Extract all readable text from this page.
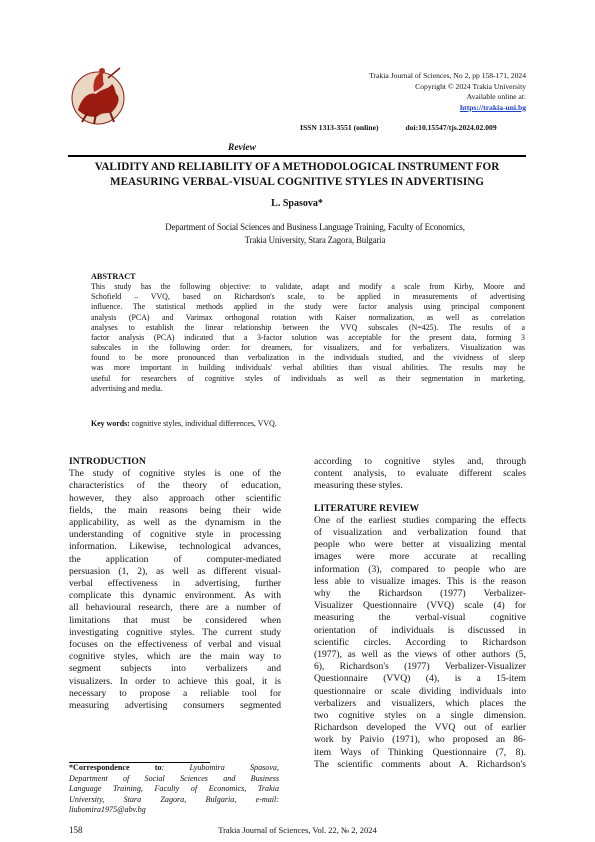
Trakia Journal of Sciences, No 2, pp 158-171, 2024
Copyright © 2024 Trakia University
Available online at:
https://trakia-uni.bg
ISSN 1313-3551 (online)	doi:10.15547/tjs.2024.02.009
Review
VALIDITY AND RELIABILITY OF A METHODOLOGICAL INSTRUMENT FOR
MEASURING VERBAL-VISUAL COGNITIVE STYLES IN ADVERTISING
L. Spasova*
Department of Social Sciences and Business Language Training, Faculty of Economics,
Trakia University, Stara Zagora, Bulgaria
ABSTRACT
This study has the following objective: to validate, adapt and modify a scale from Kirby, Moore and
Schofield – VVQ, based on Richardson's scale, to be applied in measurements of advertising
influence. The statistical methods applied in the study were factor analysis using principal component
analysis (PCA) and Varimax orthogonal rotation with Kaiser normalization, as well as correlation
analyses to establish the linear relationship between the VVQ subscales (N=425). The results of a
factor analysis (PCA) indicated that a 3-factor solution was acceptable for the present data, forming 3
subscales in the following order: for dreamers, for visualizers, and for verbalizers. Visualization was
found to be more pronounced than verbalization in the individuals studied, and the vividness of sleep
was more important in building individuals' verbal abilities than visual abilities. The results may be
useful for researchers of cognitive styles of individuals as well as their segmentation in marketing,
advertising and media.
Key words: cognitive styles, individual differences, VVQ.
INTRODUCTION
The study of cognitive styles is one of the
characteristics of the theory of education,
however, they also approach other scientific
fields, the main reasons being their wide
applicability, as well as the dynamism in the
understanding of cognitive style in processing
information. Likewise, technological advances,
the application of computer-mediated
persuasion (1, 2), as well as different visual-
verbal effectiveness in advertising, further
complicate this dynamic environment. As with
all behavioural research, there are a number of
limitations that must be considered when
investigating cognitive styles. The current study
focuses on the effectiveness of verbal and visual
cognitive styles, which are the main way to
segment subjects into verbalizers and
visualizers. In order to achieve this goal, it is
necessary to propose a reliable tool for
measuring advertising consumers segmented
according to cognitive styles and, through
content analysis, to evaluate different scales
measuring these styles.
LITERATURE REVIEW
One of the earliest studies comparing the effects
of visualization and verbalization found that
people who were better at visualizing mental
images were more accurate at recalling
information (3), compared to people who are
less able to visualize images. This is the reason
why the Richardson (1977) Verbalizer-
Visualizer Questionnaire (VVQ) scale (4) for
measuring the verbal-visual cognitive
orientation of individuals is discussed in
scientific circles. According to Richardson
(1977), as well as the views of other authors (5,
6), Richardson's (1977) Verbalizer-Visualizer
Questionnaire (VVQ) (4), is a 15-item
questionnaire or scale dividing individuals into
verbalizers and visualizers, which places the
two cognitive styles on a single dimension.
Richardson developed the VVQ out of earlier
work by Paivio (1971), who proposed an 86-
item Ways of Thinking Questionnaire (7, 8).
The scientific comments about A. Richardson's
*Correspondence to: Lyubomira Spasova,
Department of Social Sciences and Business
Language Training, Faculty of Economics, Trakia
University, Stara Zagora, Bulgaria, e-mail:
liubomira1975@abv.bg
158	Trakia Journal of Sciences, Vol. 22, № 2, 2024
